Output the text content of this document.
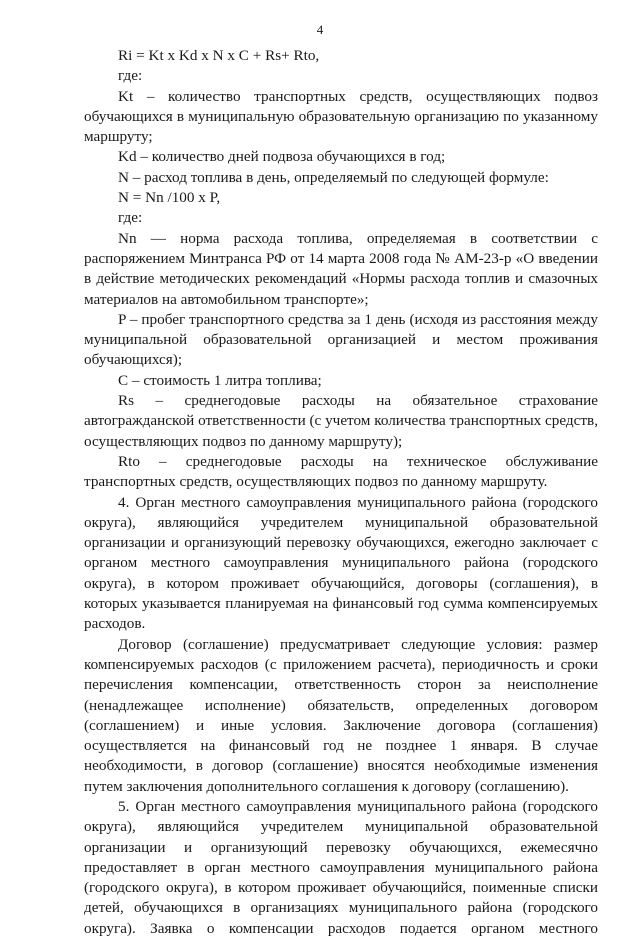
4

Ri = Kt x Kd x N x C + Rs+ Rto,

где:

Kt – количество транспортных средств, осуществляющих подвоз обучающихся в муниципальную образовательную организацию по указанному маршруту;

Kd – количество дней подвоза обучающихся в год;

N – расход топлива в день, определяемый по следующей формуле:

N = Nn /100 x P,

где:

Nn — норма расхода топлива, определяемая в соответствии с распоряжением Минтранса РФ от 14 марта 2008 года № АМ-23-р «О введении в действие методических рекомендаций «Нормы расхода топлив и смазочных материалов на автомобильном транспорте»;

P – пробег транспортного средства за 1 день (исходя из расстояния между муниципальной образовательной организацией и местом проживания обучающихся);

C – стоимость 1 литра топлива;

Rs – среднегодовые расходы на обязательное страхование автогражданской ответственности (с учетом количества транспортных средств, осуществляющих подвоз по данному маршруту);

Rto – среднегодовые расходы на техническое обслуживание транспортных средств, осуществляющих подвоз по данному маршруту.

4. Орган местного самоуправления муниципального района (городского округа), являющийся учредителем муниципальной образовательной организации и организующий перевозку обучающихся, ежегодно заключает с органом местного самоуправления муниципального района (городского округа), в котором проживает обучающийся, договоры (соглашения), в которых указывается планируемая на финансовый год сумма компенсируемых расходов.

Договор (соглашение) предусматривает следующие условия: размер компенсируемых расходов (с приложением расчета), периодичность и сроки перечисления компенсации, ответственность сторон за неисполнение (ненадлежащее исполнение) обязательств, определенных договором (соглашением) и иные условия. Заключение договора (соглашения) осуществляется на финансовый год не позднее 1 января. В случае необходимости, в договор (соглашение) вносятся необходимые изменения путем заключения дополнительного соглашения к договору (соглашению).

5. Орган местного самоуправления муниципального района (городского округа), являющийся учредителем муниципальной образовательной организации и организующий перевозку обучающихся, ежемесячно предоставляет в орган местного самоуправления муниципального района (городского округа), в котором проживает обучающийся, поименные списки детей, обучающихся в организациях муниципального района (городского округа). Заявка о компенсации расходов подается органом местного
